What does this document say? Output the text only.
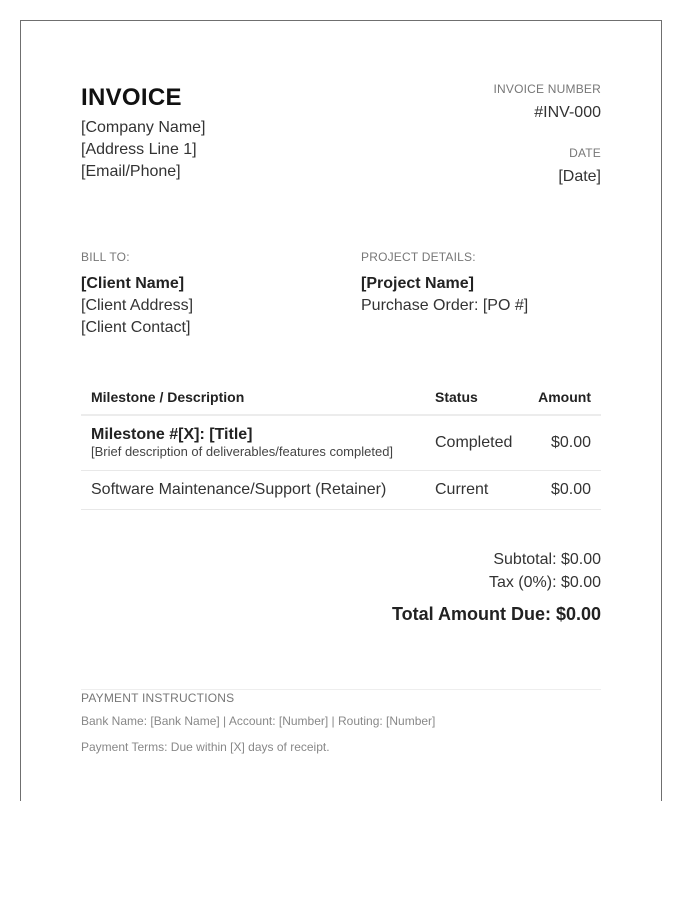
INVOICE
[Company Name]
[Address Line 1]
[Email/Phone]
INVOICE NUMBER
#INV-000
DATE
[Date]
BILL TO:
[Client Name]
[Client Address]
[Client Contact]
PROJECT DETAILS:
[Project Name]
Purchase Order: [PO #]
Milestone / Description	Status	Amount

Milestone #[X]: [Title]
[Brief description of deliverables/features completed]	Completed	$0.00
Software Maintenance/Support (Retainer)	Current	$0.00
Subtotal: $0.00
Tax (0%): $0.00
Total Amount Due: $0.00
PAYMENT INSTRUCTIONS
Bank Name: [Bank Name] | Account: [Number] | Routing: [Number]
Payment Terms: Due within [X] days of receipt.
